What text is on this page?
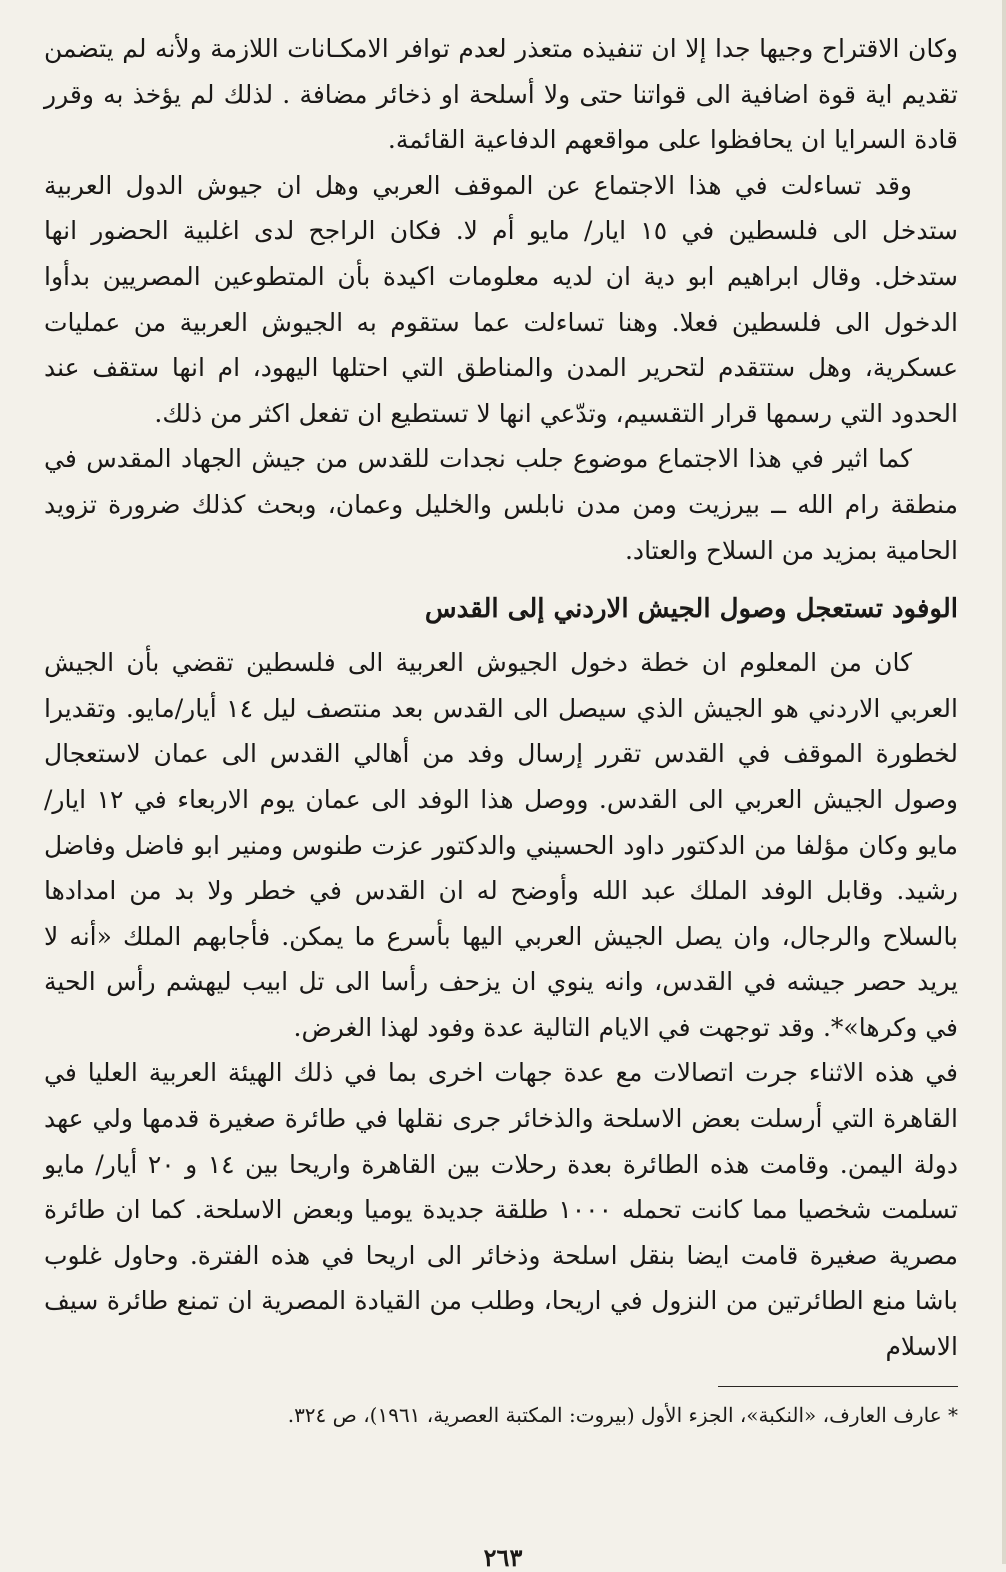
وكان الاقتراح وجيها جدا إلا ان تنفيذه متعذر لعدم توافر الامكـانات اللازمة ولأنه لم يتضمن تقديم اية قوة اضافية الى قواتنا حتى ولا أسلحة او ذخائر مضافة . لذلك لم يؤخذ به وقرر قادة السرايا ان يحافظوا على مواقعهم الدفاعية القائمة.

وقد تساءلت في هذا الاجتماع عن الموقف العربي وهل ان جيوش الدول العربية ستدخل الى فلسطين في ١٥ ايار/ مايو أم لا. فكان الراجح لدى اغلبية الحضور انها ستدخل. وقال ابراهيم ابو دية ان لديه معلومات اكيدة بأن المتطوعين المصريين بدأوا الدخول الى فلسطين فعلا. وهنا تساءلت عما ستقوم به الجيوش العربية من عمليات عسكرية، وهل ستتقدم لتحرير المدن والمناطق التي احتلها اليهود، ام انها ستقف عند الحدود التي رسمها قرار التقسيم، وتدّعي انها لا تستطيع ان تفعل اكثر من ذلك.

كما اثير في هذا الاجتماع موضوع جلب نجدات للقدس من جيش الجهاد المقدس في منطقة رام الله ــ بيرزيت ومن مدن نابلس والخليل وعمان، وبحث كذلك ضرورة تزويد الحامية بمزيد من السلاح والعتاد.

الوفود تستعجل وصول الجيش الاردني إلى القدس

كان من المعلوم ان خطة دخول الجيوش العربية الى فلسطين تقضي بأن الجيش العربي الاردني هو الجيش الذي سيصل الى القدس بعد منتصف ليل ١٤ أيار/مايو. وتقديرا لخطورة الموقف في القدس تقرر إرسال وفد من أهالي القدس الى عمان لاستعجال وصول الجيش العربي الى القدس. ووصل هذا الوفد الى عمان يوم الاربعاء في ١٢ ايار/ مايو وكان مؤلفا من الدكتور داود الحسيني والدكتور عزت طنوس ومنير ابو فاضل وفاضل رشيد. وقابل الوفد الملك عبد الله وأوضح له ان القدس في خطر ولا بد من امدادها بالسلاح والرجال، وان يصل الجيش العربي اليها بأسرع ما يمكن. فأجابهم الملك «أنه لا يريد حصر جيشه في القدس، وانه ينوي ان يزحف رأسا الى تل ابيب ليهشم رأس الحية في وكرها»*. وقد توجهت في الايام التالية عدة وفود لهذا الغرض.

في هذه الاثناء جرت اتصالات مع عدة جهات اخرى بما في ذلك الهيئة العربية العليا في القاهرة التي أرسلت بعض الاسلحة والذخائر جرى نقلها في طائرة صغيرة قدمها ولي عهد دولة اليمن. وقامت هذه الطائرة بعدة رحلات بين القاهرة واريحا بين ١٤ و ٢٠ أيار/ مايو تسلمت شخصيا مما كانت تحمله ١٠٠٠ طلقة جديدة يوميا وبعض الاسلحة. كما ان طائرة مصرية صغيرة قامت ايضا بنقل اسلحة وذخائر الى اريحا في هذه الفترة. وحاول غلوب باشا منع الطائرتين من النزول في اريحا، وطلب من القيادة المصرية ان تمنع طائرة سيف الاسلام

* عارف العارف، «النكبة»، الجزء الأول (بيروت: المكتبة العصرية، ١٩٦١)، ص ٣٢٤.
٢٦٣
